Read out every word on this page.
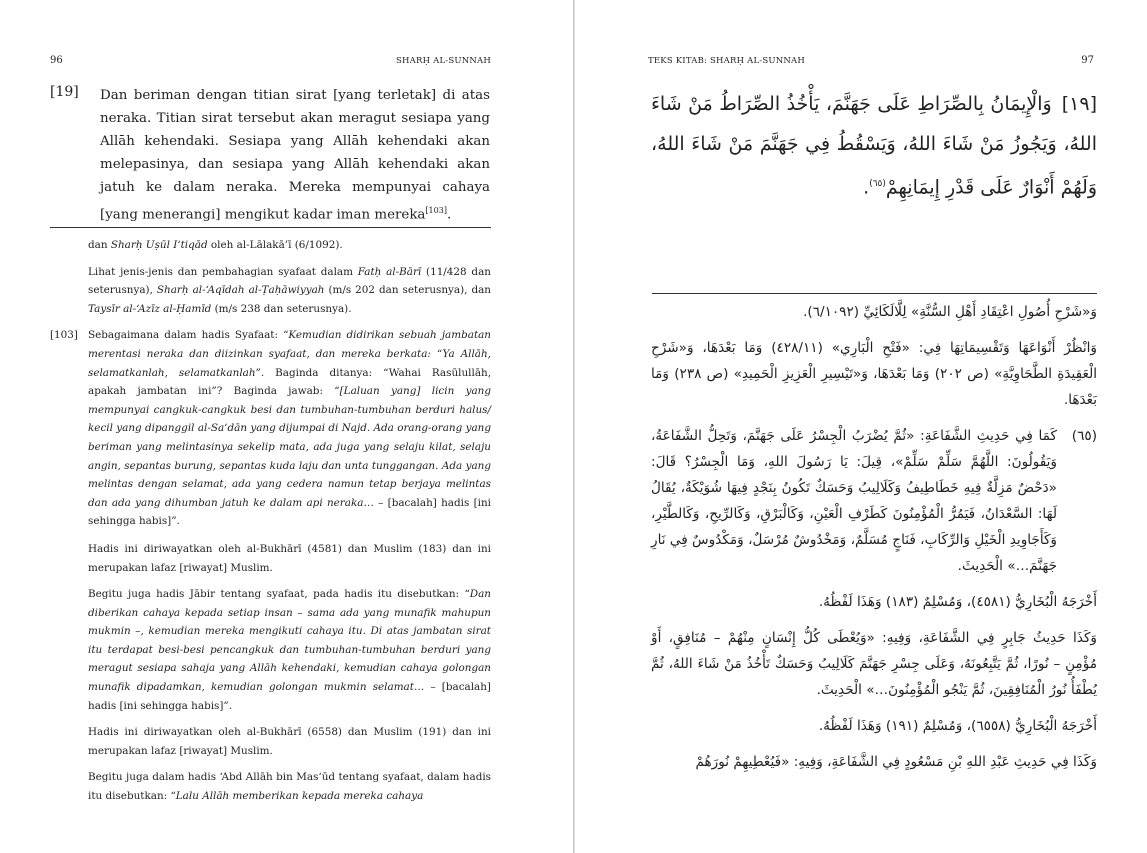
96	SHARḤ AL-SUNNAH
[19] Dan beriman dengan titian sirat [yang terletak] di atas neraka. Titian sirat tersebut akan meragut sesiapa yang Allāh kehendaki. Sesiapa yang Allāh kehendaki akan melepasinya, dan sesiapa yang Allāh kehendaki akan jatuh ke dalam neraka. Mereka mempunyai cahaya [yang menerangi] mengikut kadar iman mereka[103].

dan Sharḥ Uṣūl I‘tiqād oleh al-Lālakā’ī (6/1092).

Lihat jenis-jenis dan pembahagian syafaat dalam Fatḥ al-Bārī (11/428 dan seterusnya), Sharḥ al-‘Aqīdah al-Ṭaḥāwiyyah (m/s 202 dan seterusnya), dan Taysīr al-‘Azīz al-Ḥamīd (m/s 238 dan seterusnya).

[103] Sebagaimana dalam hadis Syafaat: “Kemudian didirikan sebuah jambatan merentasi neraka dan diizinkan syafaat, dan mereka berkata: “Ya Allāh, selamatkanlah, selamatkanlah”. Baginda ditanya: “Wahai Rasūlullāh, apakah jambatan ini”? Baginda jawab: “[Laluan yang] licin yang mempunyai cangkuk-cangkuk besi dan tumbuhan-tumbuhan berduri halus/ kecil yang dipanggil al-Sa‘dān yang dijumpai di Najd. Ada orang-orang yang beriman yang melintasinya sekelip mata, ada juga yang selaju kilat, selaju angin, sepantas burung, sepantas kuda laju dan unta tunggangan. Ada yang melintas dengan selamat, ada yang cedera namun tetap berjaya melintas dan ada yang dihumban jatuh ke dalam api neraka… – [bacalah] hadis [ini sehingga habis]”.

Hadis ini diriwayatkan oleh al-Bukhārī (4581) dan Muslim (183) dan ini merupakan lafaz [riwayat] Muslim.

Begitu juga hadis Jābir tentang syafaat, pada hadis itu disebutkan: “Dan diberikan cahaya kepada setiap insan – sama ada yang munafik mahupun mukmin –, kemudian mereka mengikuti cahaya itu. Di atas jambatan sirat itu terdapat besi-besi pencangkuk dan tumbuhan-tumbuhan berduri yang meragut sesiapa sahaja yang Allāh kehendaki, kemudian cahaya golongan munafik dipadamkan, kemudian golongan mukmin selamat… – [bacalah] hadis [ini sehingga habis]”.

Hadis ini diriwayatkan oleh al-Bukhārī (6558) dan Muslim (191) dan ini merupakan lafaz [riwayat] Muslim.

Begitu juga dalam hadis ‘Abd Allāh bin Mas‘ūd tentang syafaat, dalam hadis itu disebutkan: “Lalu Allāh memberikan kepada mereka cahaya

TEKS KITAB: SHARḤ AL-SUNNAH	97
[١٩]وَالْإِيمَانُ بِالصِّرَاطِ عَلَى جَهَنَّمَ، يَأْخُذُ الصِّرَاطُ مَنْ شَاءَ اللهُ، وَيَجُوزُ مَنْ شَاءَ اللهُ، وَيَسْقُطُ فِي جَهَنَّمَ مَنْ شَاءَ اللهُ، وَلَهُمْ أَنْوَارٌ عَلَى قَدْرِ إِيمَانِهِمْ$^{(٦٥)}$.

وَ«شَرْحِ أُصُولِ اعْتِقَادِ أَهْلِ السُّنَّةِ» لِلَّالَكَائِيِّ (٦/١٠٩٢).

وَانْظُرْ أَنْوَاعَهَا وَتَقْسِيمَاتِهَا فِي: «فَتْحِ الْبَارِي» (٤٢٨/١١) وَمَا بَعْدَهَا، وَ«شَرْحِ الْعَقِيدَةِ الطَّحَاوِيَّةِ» (ص ٢٠٢) وَمَا بَعْدَهَا، وَ«تَيْسِيرِ الْعَزِيزِ الْحَمِيدِ» (ص ٢٣٨) وَمَا بَعْدَهَا.

(٦٥)

كَمَا فِي حَدِيثِ الشَّفَاعَةِ: «ثُمَّ يُضْرَبُ الْجِسْرُ عَلَى جَهَنَّمَ، وَتَحِلُّ الشَّفَاعَةُ، وَيَقُولُونَ: اللَّهُمَّ سَلِّمْ سَلِّمْ»، قِيلَ: يَا رَسُولَ اللهِ، وَمَا الْجِسْرُ؟ قَالَ: «دَحْضٌ مَزِلَّةٌ فِيهِ خَطَاطِيفُ وَكَلَالِيبُ وَحَسَكٌ تَكُونُ بِنَجْدٍ فِيهَا شُوَيْكَةٌ، يُقَالُ لَهَا: السَّعْدَانُ، فَيَمُرُّ الْمُؤْمِنُونَ كَطَرْفِ الْعَيْنِ، وَكَالْبَرْقِ، وَكَالرِّيحِ، وَكَالطَّيْرِ، وَكَأَجَاوِيدِ الْخَيْلِ وَالرِّكَابِ، فَنَاجٍ مُسَلَّمٌ، وَمَخْدُوشٌ مُرْسَلٌ، وَمَكْدُوسٌ فِي نَارِ جَهَنَّمَ…» الْحَدِيثَ.

أَخْرَجَهُ الْبُخَارِيُّ (٤٥٨١)، وَمُسْلِمٌ (١٨٣) وَهَذَا لَفْظُهُ.

وَكَذَا حَدِيثُ جَابِرٍ فِي الشَّفَاعَةِ، وَفِيهِ: «وَيُعْطَى كُلُّ إِنْسَانٍ مِنْهُمْ – مُنَافِقٍ، أَوْ مُؤْمِنٍ – نُورًا، ثُمَّ يَتَّبِعُونَهُ، وَعَلَى جِسْرِ جَهَنَّمَ كَلَالِيبُ وَحَسَكٌ تَأْخُذُ مَنْ شَاءَ اللهُ، ثُمَّ يُطْفَأُ نُورُ الْمُنَافِقِينَ، ثُمَّ يَنْجُو الْمُؤْمِنُونَ…» الْحَدِيثَ.

أَخْرَجَهُ الْبُخَارِيُّ (٦٥٥٨)، وَمُسْلِمٌ (١٩١) وَهَذَا لَفْظُهُ.

وَكَذَا فِي حَدِيثِ عَبْدِ اللهِ بْنِ مَسْعُودٍ فِي الشَّفَاعَةِ، وَفِيهِ: «فَيُعْطِيهِمْ نُورَهُمْ
